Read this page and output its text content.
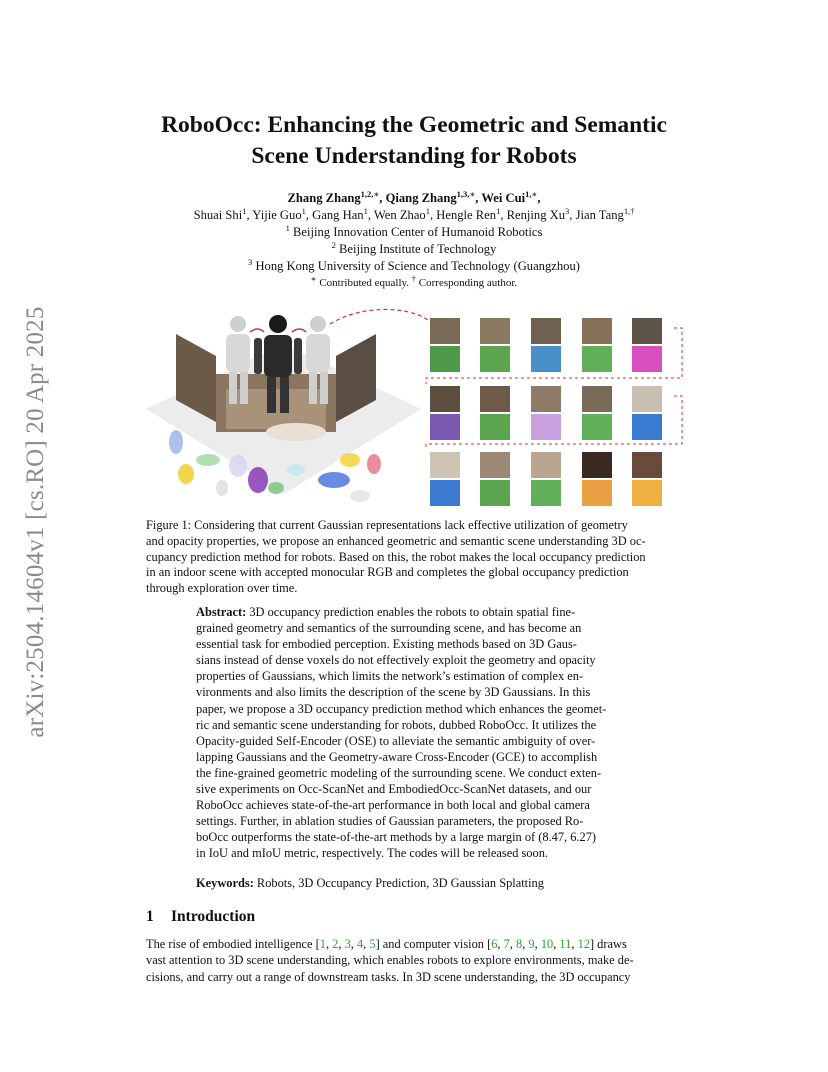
arXiv:2504.14604v1 [cs.RO] 20 Apr 2025
RoboOcc: Enhancing the Geometric and Semantic
Scene Understanding for Robots
Zhang Zhang$^{1,2,∗}$, Qiang Zhang$^{1,3,∗}$, Wei Cui$^{1,∗}$,
Shuai Shi$^1$, Yijie Guo$^1$, Gang Han$^1$, Wen Zhao$^1$, Hengle Ren$^1$, Renjing Xu$^3$, Jian Tang$^{1,\dagger}$
$^1$ Beijing Innovation Center of Humanoid Robotics
$^2$ Beijing Institute of Technology
$^3$ Hong Kong University of Science and Technology (Guangzhou)
∗ Contributed equally. † Corresponding author.
Figure 1: Considering that current Gaussian representations lack effective utilization of geometry
and opacity properties, we propose an enhanced geometric and semantic scene understanding 3D oc-
cupancy prediction method for robots. Based on this, the robot makes the local occupancy prediction
in an indoor scene with accepted monocular RGB and completes the global occupancy prediction
through exploration over time.
Abstract: 3D occupancy prediction enables the robots to obtain spatial fine-
grained geometry and semantics of the surrounding scene, and has become an
essential task for embodied perception. Existing methods based on 3D Gaus-
sians instead of dense voxels do not effectively exploit the geometry and opacity
properties of Gaussians, which limits the network’s estimation of complex en-
vironments and also limits the description of the scene by 3D Gaussians. In this
paper, we propose a 3D occupancy prediction method which enhances the geomet-
ric and semantic scene understanding for robots, dubbed RoboOcc. It utilizes the
Opacity-guided Self-Encoder (OSE) to alleviate the semantic ambiguity of over-
lapping Gaussians and the Geometry-aware Cross-Encoder (GCE) to accomplish
the fine-grained geometric modeling of the surrounding scene. We conduct exten-
sive experiments on Occ-ScanNet and EmbodiedOcc-ScanNet datasets, and our
RoboOcc achieves state-of-the-art performance in both local and global camera
settings. Further, in ablation studies of Gaussian parameters, the proposed Ro-
boOcc outperforms the state-of-the-art methods by a large margin of (8.47, 6.27)
in IoU and mIoU metric, respectively. The codes will be released soon.
Keywords: Robots, 3D Occupancy Prediction, 3D Gaussian Splatting
1 Introduction
The rise of embodied intelligence [1, 2, 3, 4, 5] and computer vision [6, 7, 8, 9, 10, 11, 12] draws
vast attention to 3D scene understanding, which enables robots to explore environments, make de-
cisions, and carry out a range of downstream tasks. In 3D scene understanding, the 3D occupancy
